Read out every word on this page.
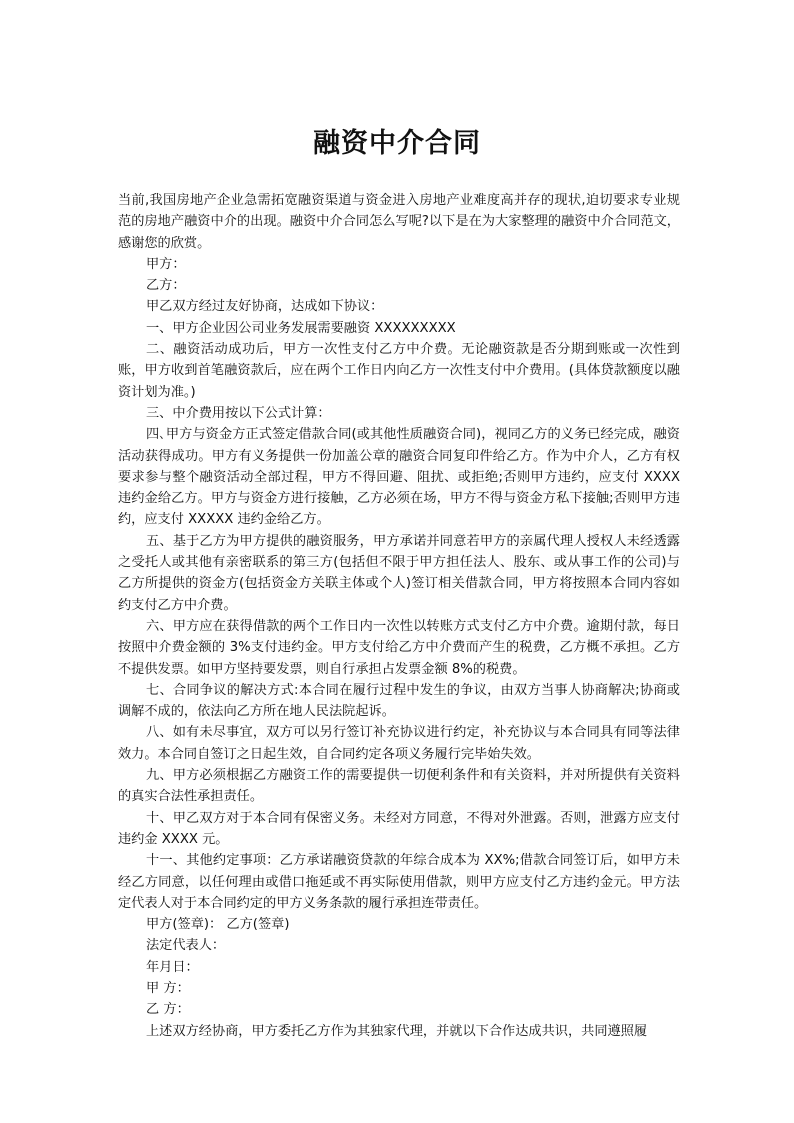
融资中介合同

当前,我国房地产企业急需拓宽融资渠道与资金进入房地产业难度高并存的现状,迫切要求专业规范的房地产融资中介的出现。融资中介合同怎么写呢?以下是在为大家整理的融资中介合同范文，感谢您的欣赏。

甲方：

乙方：

甲乙双方经过友好协商，达成如下协议：

一、甲方企业因公司业务发展需要融资 XXXXXXXXX

二、融资活动成功后，甲方一次性支付乙方中介费。无论融资款是否分期到账或一次性到账，甲方收到首笔融资款后，应在两个工作日内向乙方一次性支付中介费用。(具体贷款额度以融资计划为准。)

三、中介费用按以下公式计算：

四､甲方与资金方正式签定借款合同(或其他性质融资合同)，视同乙方的义务已经完成，融资活动获得成功。甲方有义务提供一份加盖公章的融资合同复印件给乙方。作为中介人，乙方有权要求参与整个融资活动全部过程，甲方不得回避、阻扰、或拒绝;否则甲方违约，应支付 XXXX 违约金给乙方。甲方与资金方进行接触，乙方必须在场，甲方不得与资金方私下接触;否则甲方违约，应支付 XXXXX 违约金给乙方。

五、基于乙方为甲方提供的融资服务，甲方承诺并同意若甲方的亲属代理人授权人未经透露之受托人或其他有亲密联系的第三方(包括但不限于甲方担任法人、股东、或从事工作的公司)与乙方所提供的资金方(包括资金方关联主体或个人)签订相关借款合同，甲方将按照本合同内容如约支付乙方中介费。

六、甲方应在获得借款的两个工作日内一次性以转账方式支付乙方中介费。逾期付款，每日按照中介费金额的 3%支付违约金。甲方支付给乙方中介费而产生的税费，乙方概不承担。乙方不提供发票。如甲方坚持要发票，则自行承担占发票金额 8%的税费。

七、合同争议的解决方式:本合同在履行过程中发生的争议，由双方当事人协商解决;协商或调解不成的，依法向乙方所在地人民法院起诉。

八、如有未尽事宜，双方可以另行签订补充协议进行约定，补充协议与本合同具有同等法律效力。本合同自签订之日起生效，自合同约定各项义务履行完毕始失效。

九、甲方必须根据乙方融资工作的需要提供一切便利条件和有关资料，并对所提供有关资料的真实合法性承担责任。

十、甲乙双方对于本合同有保密义务。未经对方同意，不得对外泄露。否则，泄露方应支付违约金 XXXX 元。

十一、其他约定事项：乙方承诺融资贷款的年综合成本为 XX%;借款合同签订后，如甲方未经乙方同意，以任何理由或借口拖延或不再实际使用借款，则甲方应支付乙方违约金元。甲方法定代表人对于本合同约定的甲方义务条款的履行承担连带责任。

甲方(签章)： 乙方(签章)

法定代表人：

年月日：

甲 方：

乙 方：

上述双方经协商，甲方委托乙方作为其独家代理，并就以下合作达成共识，共同遵照履
